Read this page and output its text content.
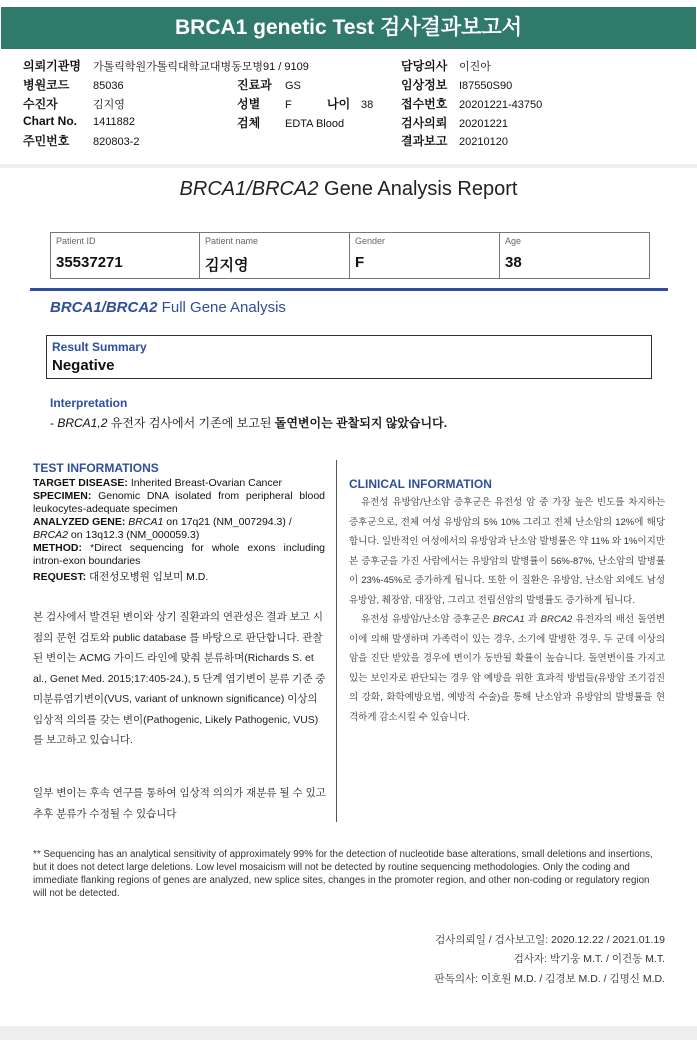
BRCA1 genetic Test 검사결과보고서
의뢰기관명 가톨릭학원가톨릭대학교대병동모병91 / 9109
병원코드 85036
수진자	김지영
Chart No. 1411882
주민번호 820803-2
진료과 GS
성별 F	나이 38
검체 EDTA Blood
담당의사 이진아
임상정보 I87550S90
접수번호 20201221-43750
검사의뢰 20201221
결과보고 20210120
BRCA1/BRCA2 Gene Analysis Report
Patient ID
35537271
Patient name
김지영
Gender
F
Age
38
BRCA1/BRCA2 Full Gene Analysis
Result Summary
Negative
Interpretation
- BRCA1,2 유전자 검사에서 기존에 보고된 돌연변이는 관찰되지 않았습니다.
TEST INFORMATIONS
TARGET DISEASE: Inherited Breast-Ovarian Cancer
SPECIMEN: Genomic DNA isolated from peripheral blood leukocytes-adequate specimen
ANALYZED GENE: BRCA1 on 17q21 (NM_007294.3) /
BRCA2 on 13q12.3 (NM_000059.3)
METHOD: *Direct sequencing for whole exons including intron-exon boundaries
REQUEST: 대전성모병원 임보미 M.D.
본 검사에서 발견된 변이와 상기 질환과의 연관성은 결과 보고 시점의 문헌 검토와 public database 를 바탕으로 판단합니다. 관찰된 변이는 ACMG 가이드 라인에 맞춰 분류하며(Richards S. et al., Genet Med. 2015;17:405-24.), 5 단계 염기변이 분류 기준 중 미분류염기변이(VUS, variant of unknown significance) 이상의 임상적 의의를 갖는 변이(Pathogenic, Likely Pathogenic, VUS)를 보고하고 있습니다.
일부 변이는 후속 연구를 통하여 임상적 의의가 재분류 될 수 있고 추후 분류가 수정될 수 있습니다
CLINICAL INFORMATION

유전성 유방암/난소암 증후군은 유전성 암 중 가장 높은 빈도를 차지하는 증후군으로, 전체 여성 유방암의 5% 10% 그리고 전체 난소암의 12%에 해당합니다. 일반적인 여성에서의 유방암과 난소암 발병률은 약 11% 와 1%이지만 본 증후군을 가진 사람에서는 유방암의 발병률이 56%-87%, 난소암의 발병률이 23%-45%로 증가하게 됩니다. 또한 이 질환은 유방암, 난소암 외에도 남성 유방암, 췌장암, 대장암, 그리고 전립선암의 발병률도 증가하게 됩니다.

유전성 유방암/난소암 증후군은 BRCA1 과 BRCA2 유전자의 배선 돌연변이에 의해 발생하며 가족력이 있는 경우, 소기에 발병한 경우, 두 군데 이상의 암을 진단 받았을 경우에 변이가 동반될 확률이 높습니다. 돌연변이를 가지고 있는 보인자로 판단되는 경우 암 예방을 위한 효과적 방법들(유방암 조기검진의 강화, 화학예방요법, 예방적 수술)을 통해 난소암과 유방암의 발병률을 현격하게 감소시킬 수 있습니다.

** Sequencing has an analytical sensitivity of approximately 99% for the detection of nucleotide base alterations, small deletions and insertions, but it does not detect large deletions. Low level mosaicism will not be detected by routine sequencing methodologies. Only the coding and immediate flanking regions of genes are analyzed, new splice sites, changes in the promoter region, and other non-coding or regulatory region will not be detected.
검사의뢰일 / 검사보고일: 2020.12.22 / 2021.01.19
검사자: 박기웅 M.T. / 이건동 M.T.
판독의사: 이호원 M.D. / 김경보 M.D. / 김명신 M.D.
